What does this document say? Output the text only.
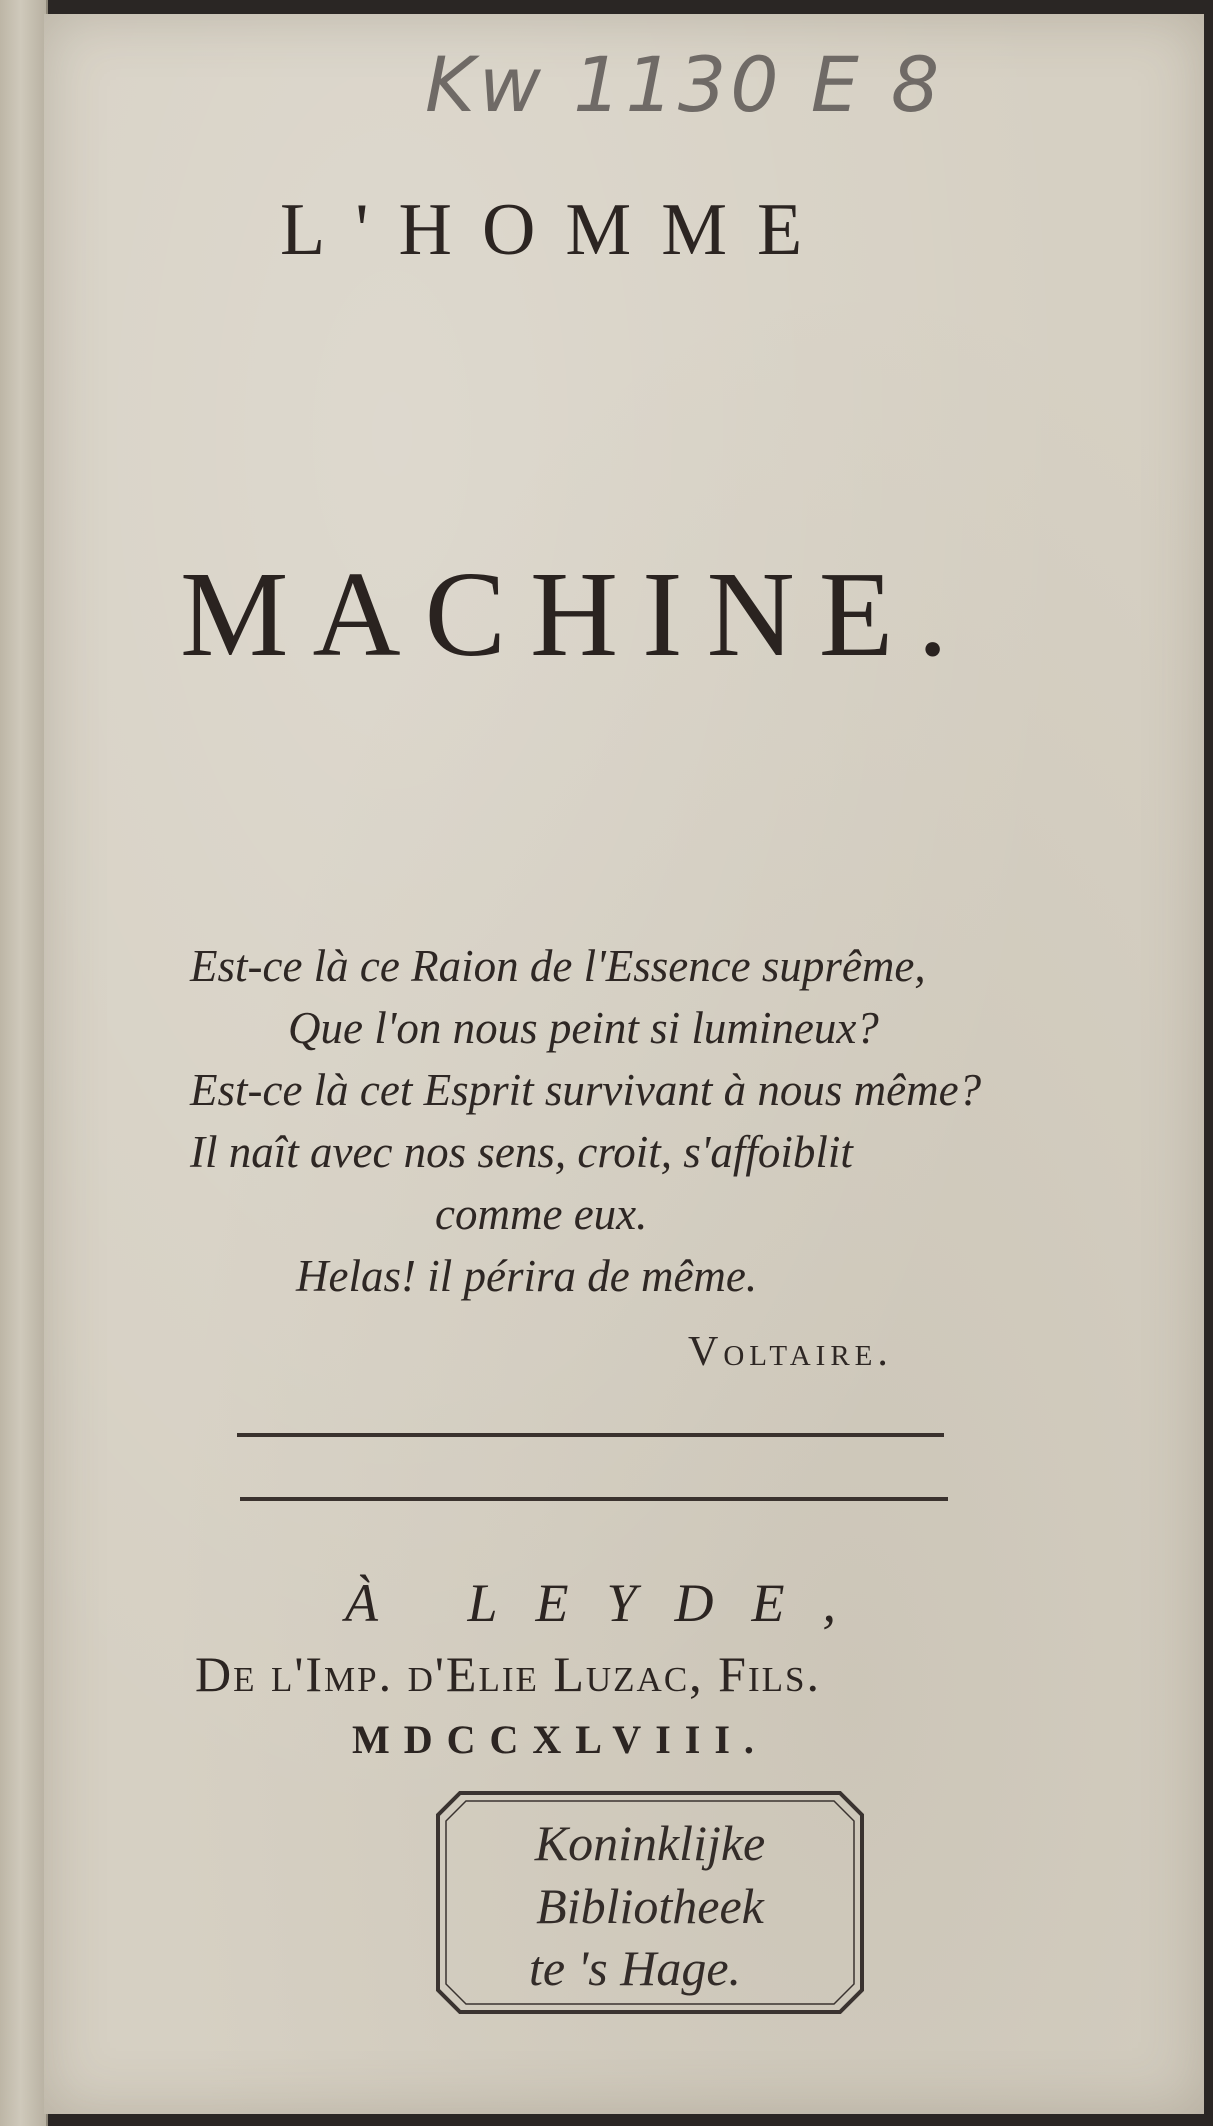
Kw 1130 E 8
L'HOMME
MACHINE.
Est-ce là ce Raion de l'Essence suprême,
Que l'on nous peint si lumineux?
Est-ce là cet Esprit survivant à nous même?
Il naît avec nos sens, croit, s'affoiblit
comme eux.
Helas! il périra de même.
Voltaire.
À LEYDE,
De l'Imp. d'Elie Luzac, Fils.
MDCCXLVIII.
Koninklijke
Bibliotheek
te 's Hage.
